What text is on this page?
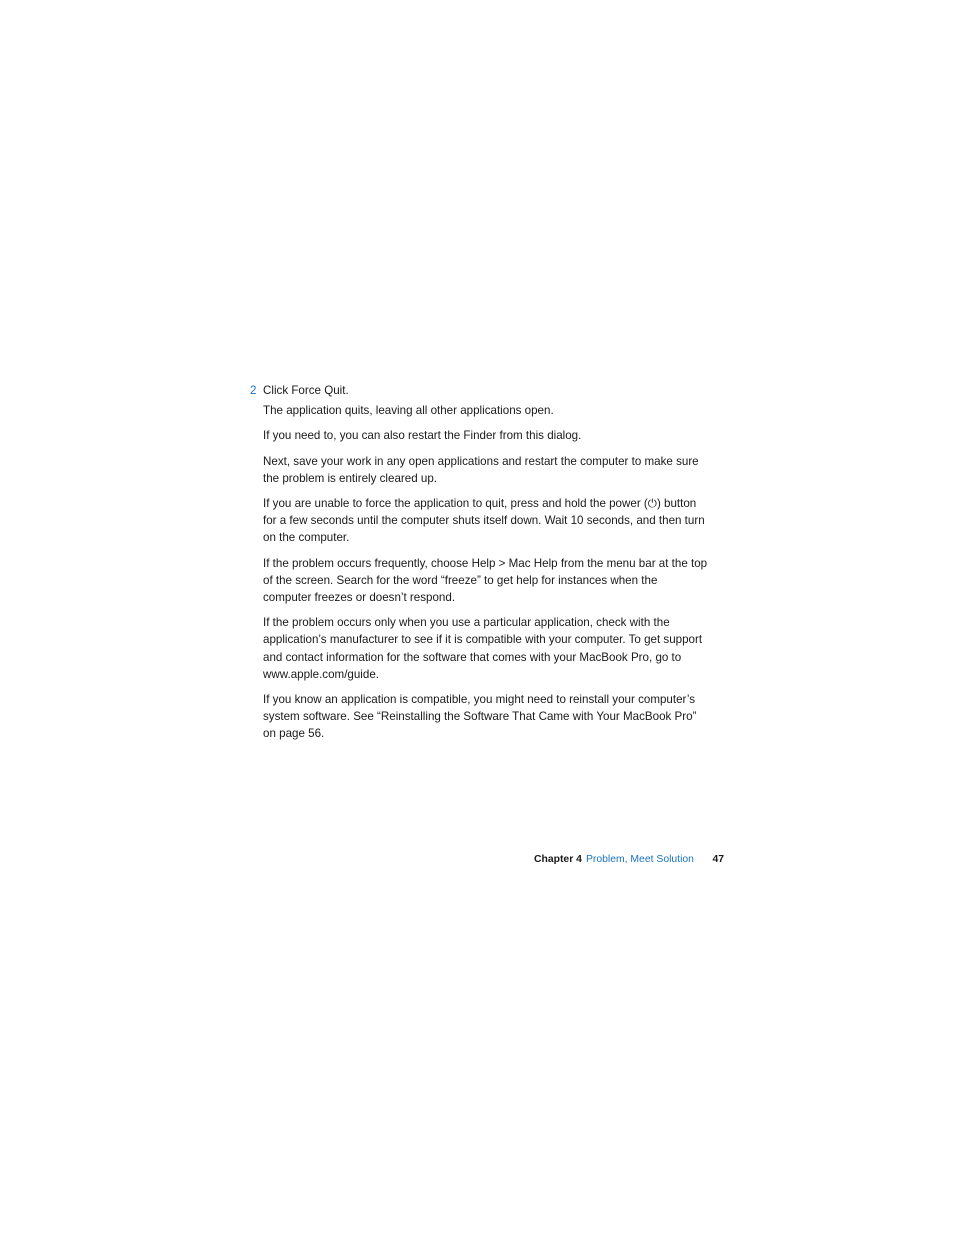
2 Click Force Quit.

The application quits, leaving all other applications open.

If you need to, you can also restart the Finder from this dialog.

Next, save your work in any open applications and restart the computer to make sure the problem is entirely cleared up.

If you are unable to force the application to quit, press and hold the power (⏻) button for a few seconds until the computer shuts itself down. Wait 10 seconds, and then turn on the computer.

If the problem occurs frequently, choose Help > Mac Help from the menu bar at the top of the screen. Search for the word “freeze” to get help for instances when the computer freezes or doesn’t respond.

If the problem occurs only when you use a particular application, check with the application’s manufacturer to see if it is compatible with your computer. To get support and contact information for the software that comes with your MacBook Pro, go to www.apple.com/guide.

If you know an application is compatible, you might need to reinstall your computer’s system software. See “Reinstalling the Software That Came with Your MacBook Pro” on page 56.

Chapter 4 Problem, Meet Solution 47
